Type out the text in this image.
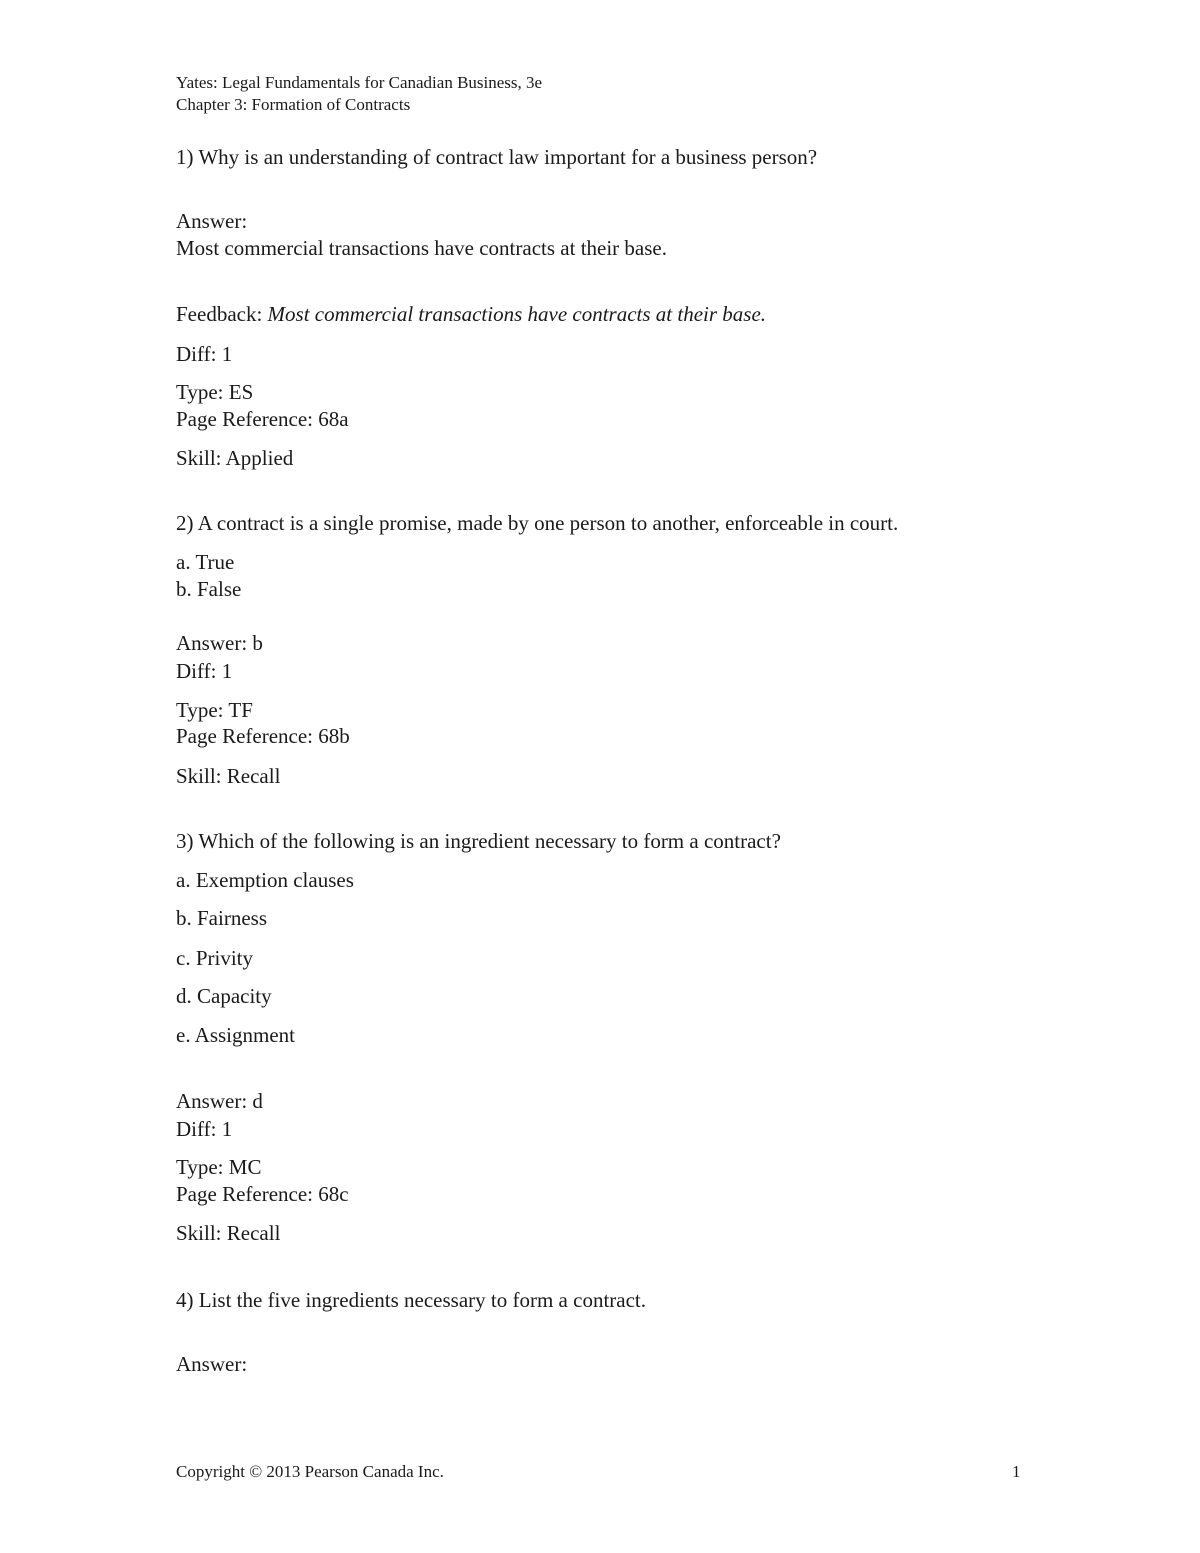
Yates: Legal Fundamentals for Canadian Business, 3e
Chapter 3: Formation of Contracts
1) Why is an understanding of contract law important for a business person?
Answer:
Most commercial transactions have contracts at their base.
Feedback: Most commercial transactions have contracts at their base.
Diff: 1
Type: ES
Page Reference: 68a
Skill: Applied
2) A contract is a single promise, made by one person to another, enforceable in court.
a. True
b. False
Answer: b
Diff: 1
Type: TF
Page Reference: 68b
Skill: Recall
3) Which of the following is an ingredient necessary to form a contract?
a. Exemption clauses
b. Fairness
c. Privity
d. Capacity
e. Assignment
Answer: d
Diff: 1
Type: MC
Page Reference: 68c
Skill: Recall
4) List the five ingredients necessary to form a contract.
Answer:
Copyright © 2013 Pearson Canada Inc.	1
